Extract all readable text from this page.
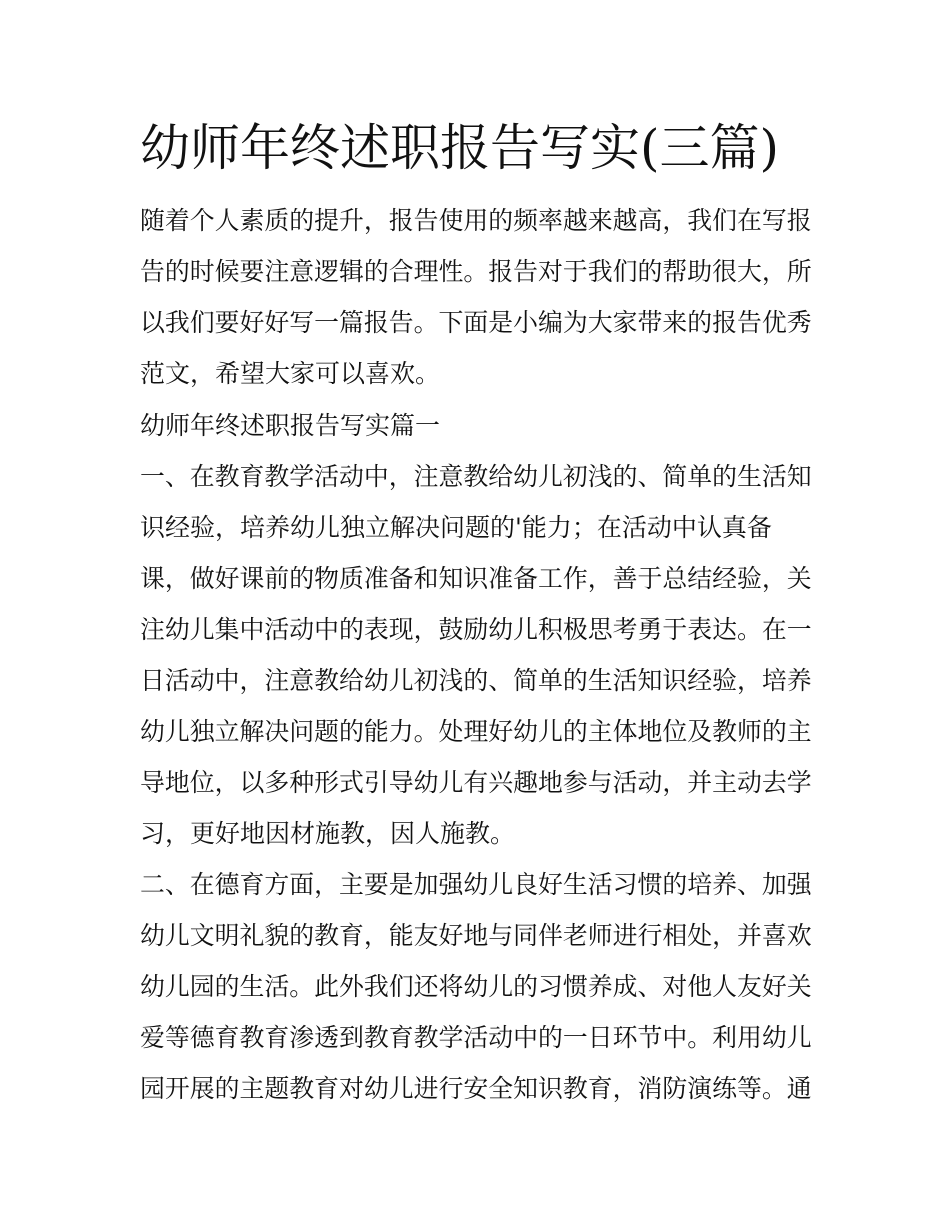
幼师年终述职报告写实(三篇)
随着个人素质的提升，报告使用的频率越来越高，我们在写报
告的时候要注意逻辑的合理性。报告对于我们的帮助很大，所
以我们要好好写一篇报告。下面是小编为大家带来的报告优秀
范文，希望大家可以喜欢。
幼师年终述职报告写实篇一
一、在教育教学活动中，注意教给幼儿初浅的、简单的生活知
识经验，培养幼儿独立解决问题的'能力；在活动中认真备
课，做好课前的物质准备和知识准备工作，善于总结经验，关
注幼儿集中活动中的表现，鼓励幼儿积极思考勇于表达。在一
日活动中，注意教给幼儿初浅的、简单的生活知识经验，培养
幼儿独立解决问题的能力。处理好幼儿的主体地位及教师的主
导地位，以多种形式引导幼儿有兴趣地参与活动，并主动去学
习，更好地因材施教，因人施教。
二、在德育方面，主要是加强幼儿良好生活习惯的培养、加强
幼儿文明礼貌的教育，能友好地与同伴老师进行相处，并喜欢
幼儿园的生活。此外我们还将幼儿的习惯养成、对他人友好关
爱等德育教育渗透到教育教学活动中的一日环节中。利用幼儿
园开展的主题教育对幼儿进行安全知识教育，消防演练等。通
